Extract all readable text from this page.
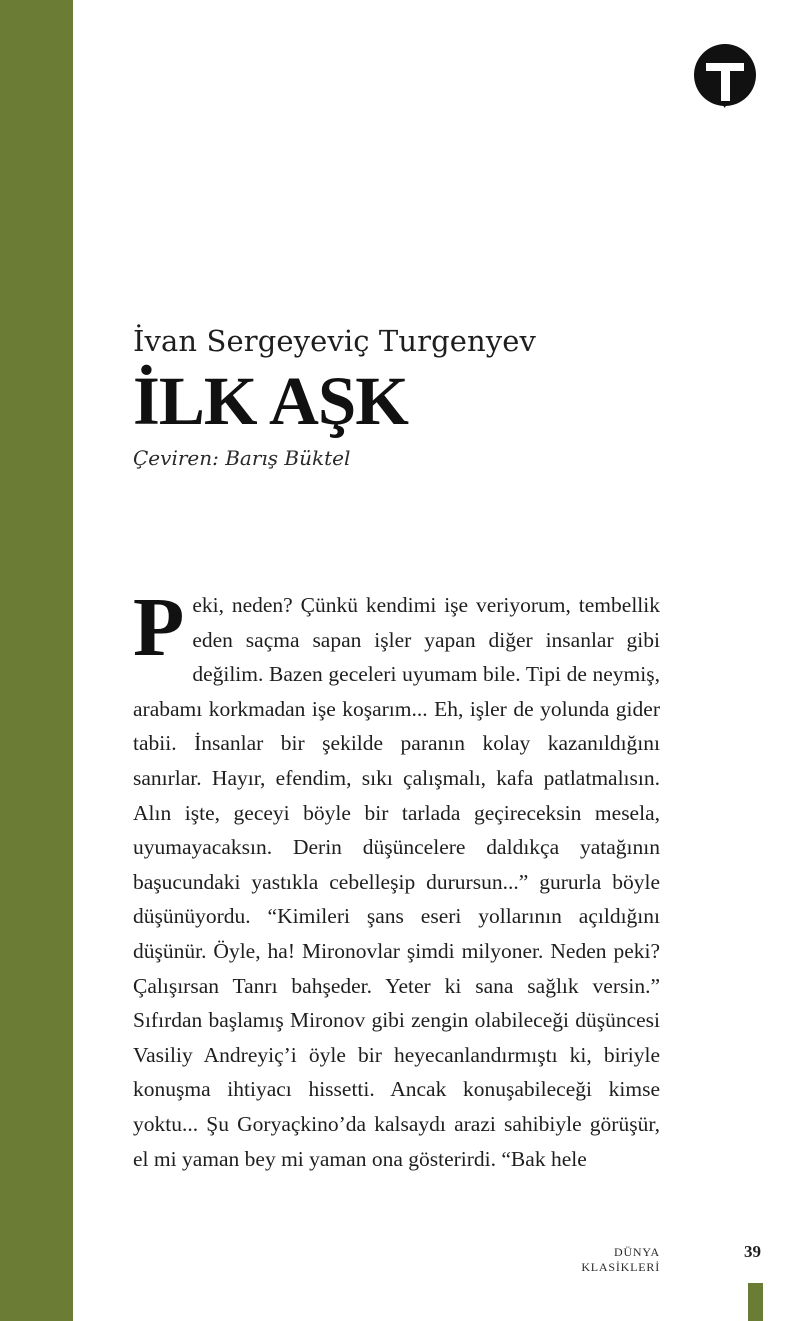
İvan Sergeyeviç Turgenyev

İLK AŞK

Çeviren: Barış Büktel

Peki, neden? Çünkü kendimi işe veriyorum, tembellik eden saçma sapan işler yapan diğer insanlar gibi değilim. Bazen geceleri uyumam bile. Tipi de neymiş, arabamı korkmadan işe koşarım... Eh, işler de yolunda gider tabii. İnsanlar bir şekilde paranın kolay kazanıldığını sanırlar. Hayır, efendim, sıkı çalışmalı, kafa patlatmalısın. Alın işte, geceyi böyle bir tarlada geçireceksin mesela, uyumayacaksın. Derin düşüncelere daldıkça yatağının başucundaki yastıkla cebelleşip durursun...” gururla böyle düşünüyordu. “Kimileri şans eseri yollarının açıldığını düşünür. Öyle, ha! Mironovlar şimdi milyoner. Neden peki? Çalışırsan Tanrı bahşeder. Yeter ki sana sağlık versin.” Sıfırdan başlamış Mironov gibi zengin olabileceği düşüncesi Vasiliy Andreyiç’i öyle bir heyecanlandırmıştı ki, biriyle konuşma ihtiyacı hissetti. Ancak konuşabileceği kimse yoktu... Şu Goryaçkino’da kalsaydı arazi sahibiyle görüşür, el mi yaman bey mi yaman ona gösterirdi. “Bak hele

DÜNYA KLASİKLERİ
39
